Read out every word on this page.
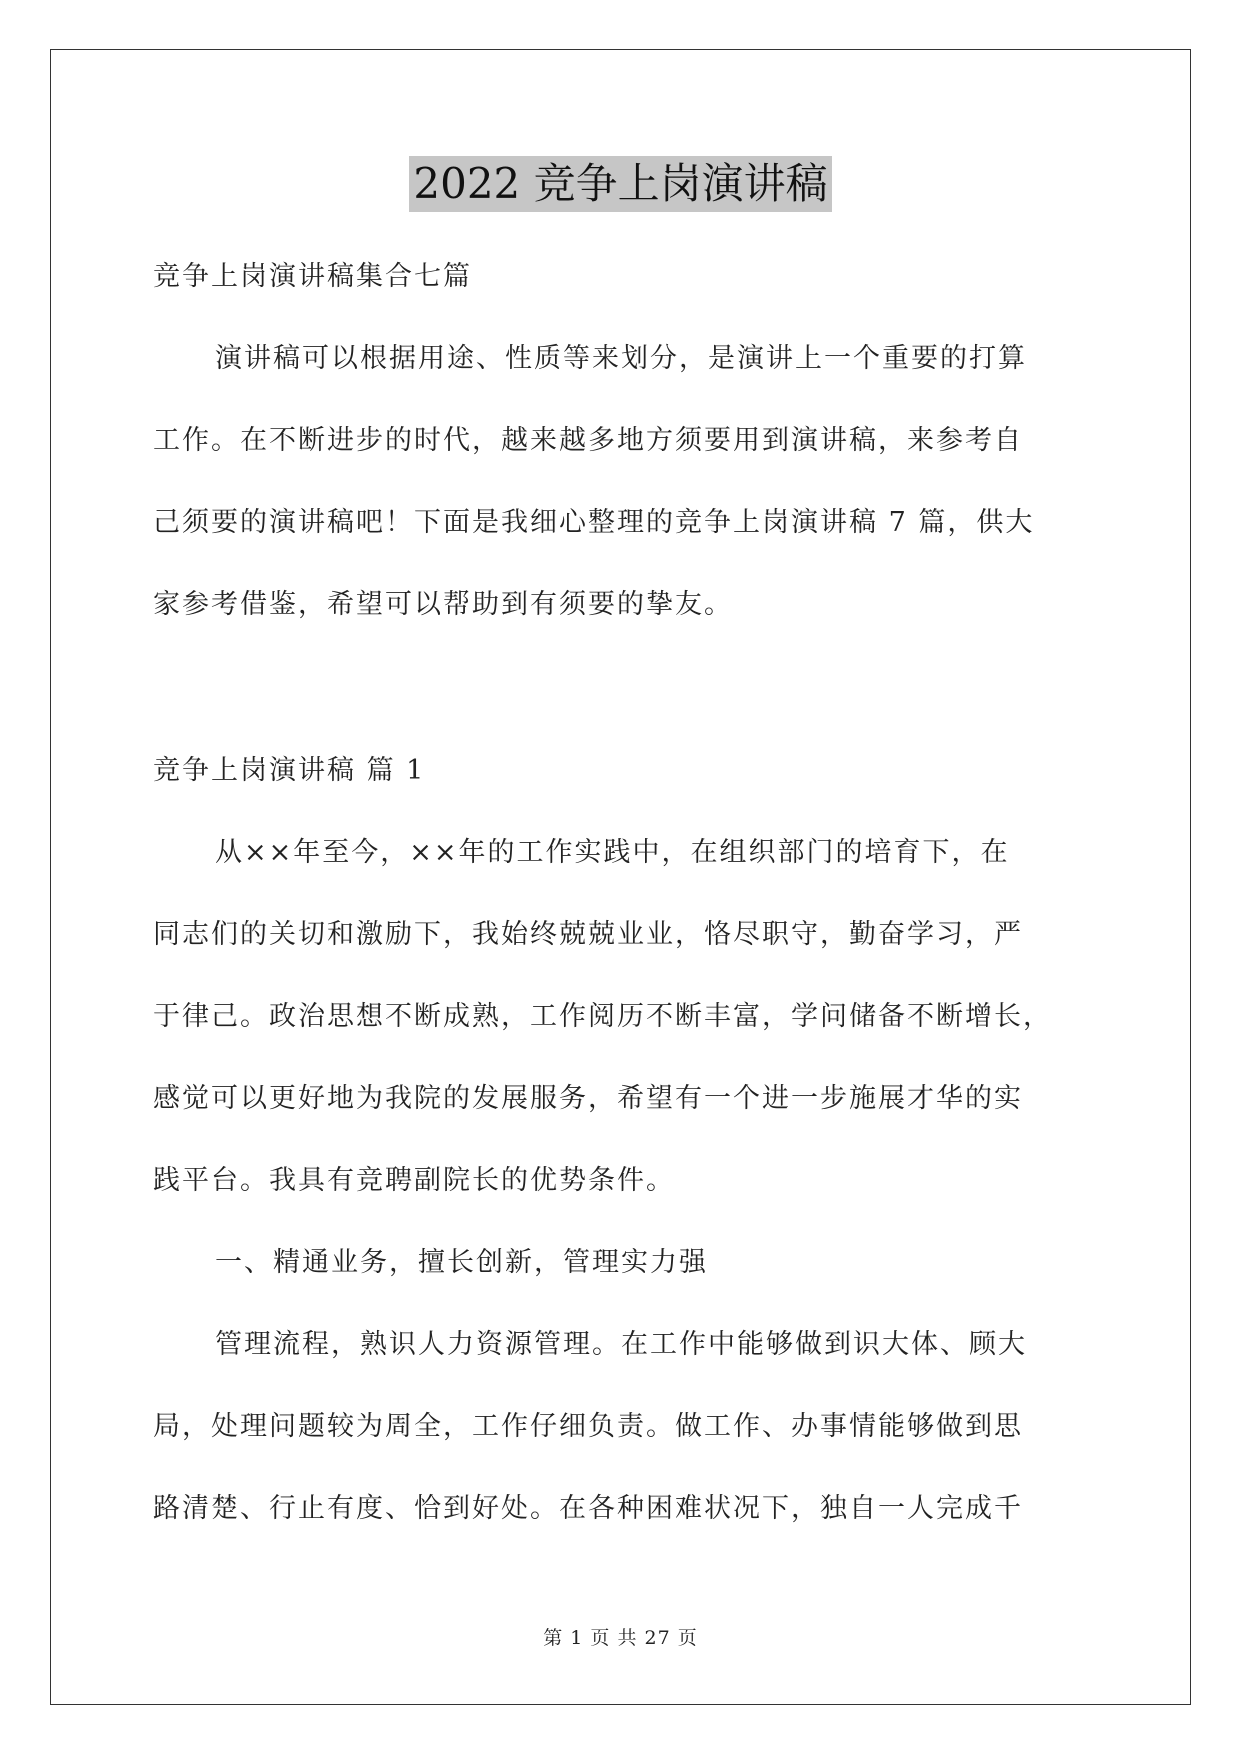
2022 竞争上岗演讲稿
竞争上岗演讲稿集合七篇
演讲稿可以根据用途、性质等来划分，是演讲上一个重要的打算
工作。在不断进步的时代，越来越多地方须要用到演讲稿，来参考自
己须要的演讲稿吧！下面是我细心整理的竞争上岗演讲稿 7 篇，供大
家参考借鉴，希望可以帮助到有须要的挚友。
竞争上岗演讲稿 篇 1
从××年至今，××年的工作实践中，在组织部门的培育下，在
同志们的关切和激励下，我始终兢兢业业，恪尽职守，勤奋学习，严
于律己。政治思想不断成熟，工作阅历不断丰富，学问储备不断增长，
感觉可以更好地为我院的发展服务，希望有一个进一步施展才华的实
践平台。我具有竞聘副院长的优势条件。
一、精通业务，擅长创新，管理实力强
管理流程，熟识人力资源管理。在工作中能够做到识大体、顾大
局，处理问题较为周全，工作仔细负责。做工作、办事情能够做到思
路清楚、行止有度、恰到好处。在各种困难状况下，独自一人完成千
第 1 页 共 27 页
